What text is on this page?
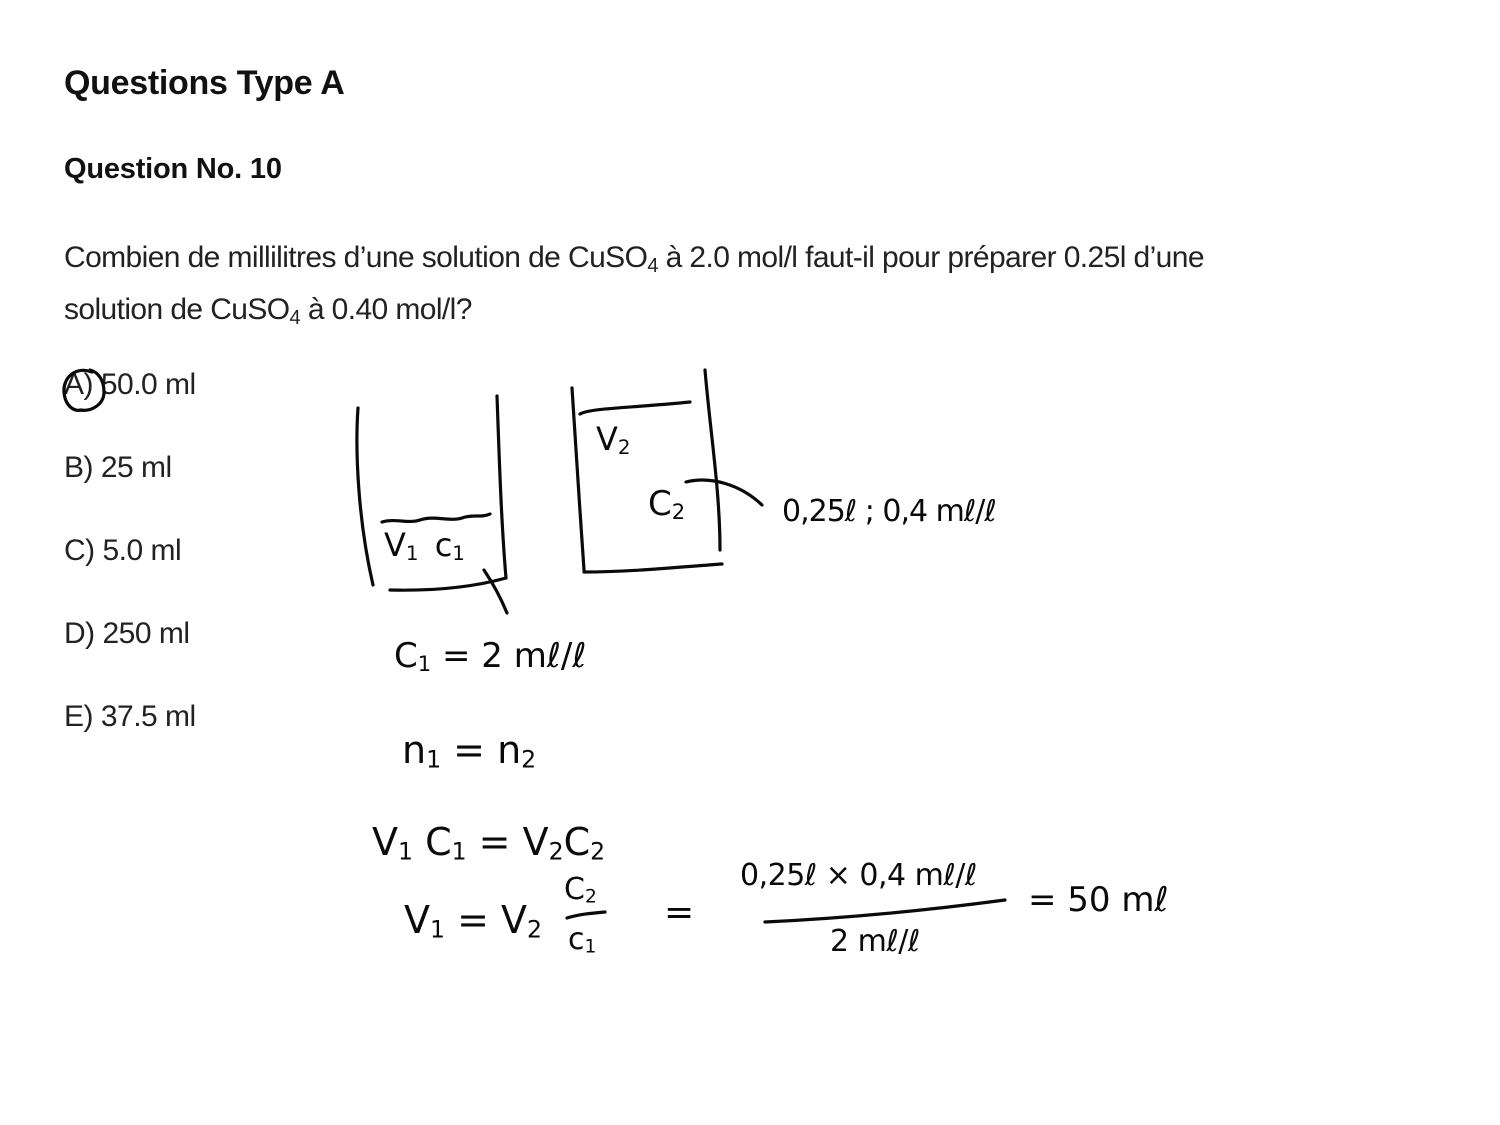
Questions Type A
Question No. 10
Combien de millilitres d’une solution de CuSO$_4$ à 2.0 mol/l faut-il pour préparer 0.25l d’une
solution de CuSO$_4$ à 0.40 mol/l?
A) 50.0 ml
B) 25 ml
C) 5.0 ml
D) 250 ml
E) 37.5 ml
$V_1$ $c_1$
$V_2$
$C_2$	0,25ℓ ; 0,4 mℓ/ℓ
$C_1 = 2$ mℓ/ℓ
$n_1 = n_2$
$V_1$ $C_1 = V_2C_2$
$V_1 = V_2$
$C_2$
$c_1$
=
0,25ℓ × 0,4 mℓ/ℓ
2 mℓ/ℓ
= 50 mℓ
